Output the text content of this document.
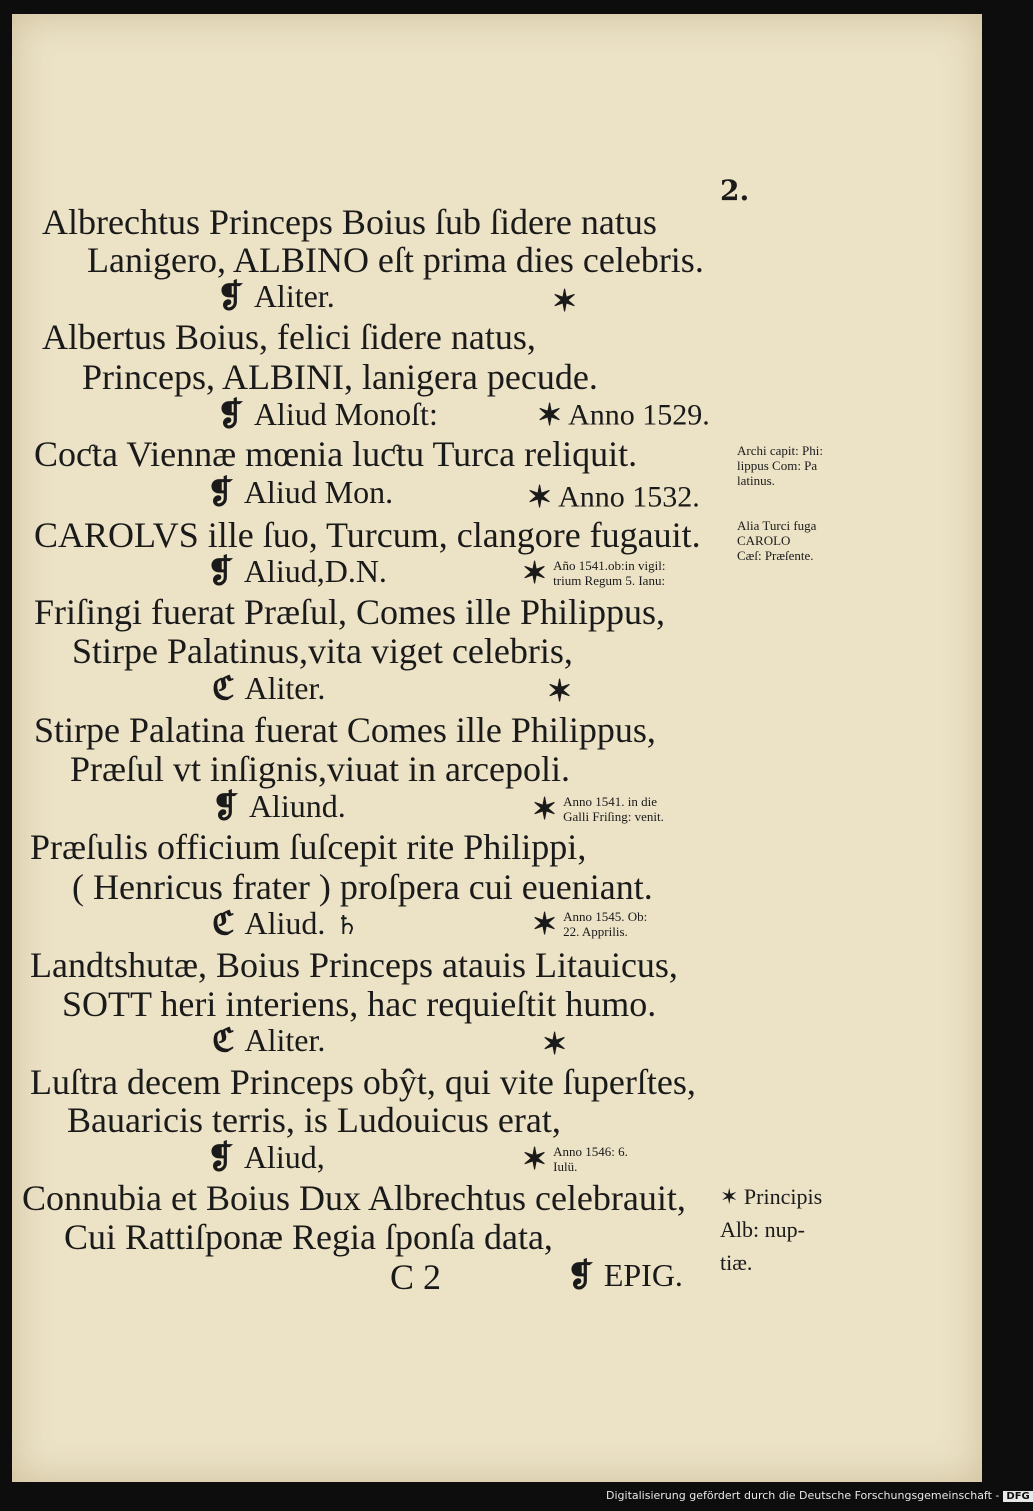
2.
Albrechtus Princeps Boius ſub ſidere natus
Lanigero, ALBINO eſt prima dies celebris.
❡ Aliter.	✶
Albertus Boius, felici ſidere natus,
Princeps, ALBINI, lanigera pecude.
❡ Aliud Monoſt:	✶ Anno 1529.
Coƈta Viennæ mœnia luƈtu Turca reliquit.	Archi capit: Phi:
lippus Com: Pa
latinus.
❡ Aliud Mon.	✶ Anno 1532.
CAROLVS ille ſuo, Turcum, clangore fugauit.	Alia Turci fuga
CAROLO
Cæſ: Præſente.
❡ Aliud,D.N.	✶ Año 1541.ob:in vigil:
trium Regum 5. Ianu:
Friſingi fuerat Præſul, Comes ille Philippus,
Stirpe Palatinus,vita viget celebris,
ℭ Aliter.	✶
Stirpe Palatina fuerat Comes ille Philippus,
Præſul vt inſignis,viuat in arcepoli.
❡ Aliund.	✶ Anno 1541. in die
Galli Friſing: venit.
Præſulis officium ſuſcepit rite Philippi,
( Henricus frater ) proſpera cui eueniant.
ℭ Aliud. ♄	✶ Anno 1545. Ob:
22. Apprilis.
Landtshutæ, Boius Princeps atauis Litauicus,
SOTT heri interiens, hac requieſtit humo.
ℭ Aliter.	✶
Luſtra decem Princeps obŷt, qui vite ſuperſtes,
Bauaricis terris, is Ludouicus erat,
❡ Aliud,	✶ Anno 1546: 6.
Iulü.
Connubia et Boius Dux Albrechtus celebrauit, ✶ Principis
Alb: nup-
tiæ.
Cui Rattiſponæ Regia ſponſa data,
C 2	❡ EPIG.
Digitalisierung gefördert durch die Deutsche Forschungsgemeinschaft - DFG
